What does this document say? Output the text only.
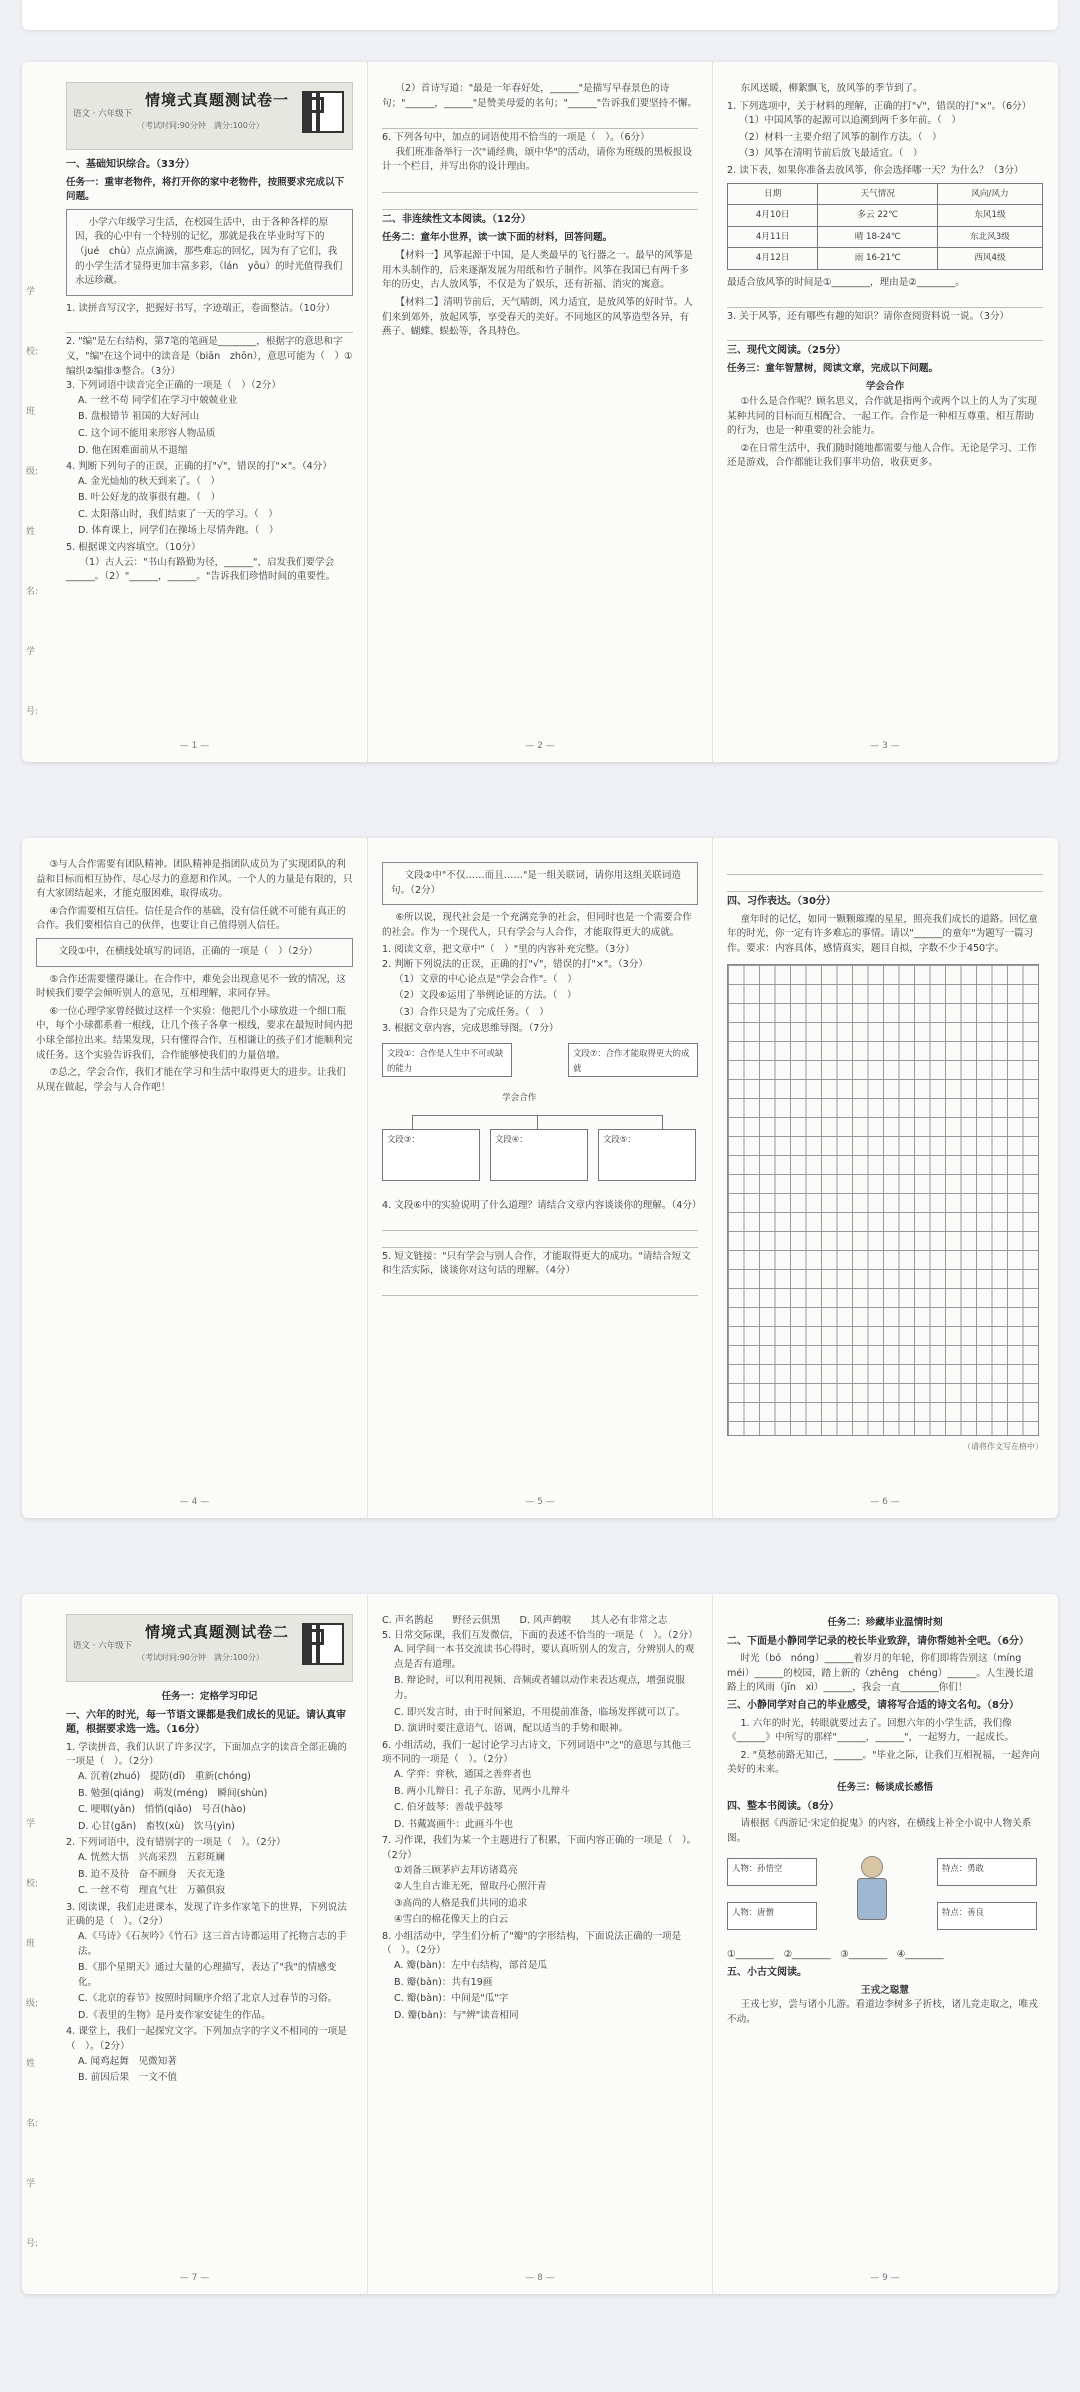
学校:
班级:
姓名:
学号:
语文 · 六年级下
情境式真题测试卷一
（考试时间:90分钟　满分:100分）
一、基础知识综合。（33分）
任务一：重审老物件，将打开你的家中老物件，按照要求完成以下问题。
小学六年级学习生活，在校园生活中，由于各种各样的原因，我的心中有一个特别的记忆，那就是我在毕业时写下的（jué　chù）点点滴滴，那些难忘的回忆，因为有了它们，我的小学生活才显得更加丰富多彩，（lán　yōu）的时光值得我们永远珍藏。
1. 读拼音写汉字，把握好书写，字迹端正，卷面整洁。（10分）
2. "编"是左右结构，第7笔的笔画是________，根据字的意思和字义，"编"在这个词中的读音是（biān　zhōn），意思可能为（　）①编织②编排③整合。（3分）
3. 下列词语中读音完全正确的一项是（　）（2分）
A. 一丝不苟 同学们在学习中兢兢业业
B. 盘根错节 祖国的大好河山
C. 这个词不能用来形容人物品质
D. 他在困难面前从不退缩
4. 判断下列句子的正误，正确的打"√"，错误的打"×"。（4分）
A. 金光灿灿的秋天到来了。（　）
B. 叶公好龙的故事很有趣。（　）
C. 太阳落山时，我们结束了一天的学习。（　）
D. 体育课上，同学们在操场上尽情奔跑。（　）
5. 根据课文内容填空。（10分）
（1）古人云："书山有路勤为径，______"，启发我们要学会______。（2）"______，______。"告诉我们珍惜时间的重要性。
— 1 —
（2）首诗写道："最是一年春好处，______"是描写早春景色的诗句；"______，______"是赞美母爱的名句；"______"告诉我们要坚持不懈。
6. 下列各句中，加点的词语使用不恰当的一项是（　）。（6分）
我们班准备举行一次"诵经典，颂中华"的活动，请你为班级的黑板报设计一个栏目，并写出你的设计理由。
二、非连续性文本阅读。（12分）
任务二：童年小世界，读一读下面的材料，回答问题。
【材料一】风筝起源于中国，是人类最早的飞行器之一。最早的风筝是用木头制作的，后来逐渐发展为用纸和竹子制作。风筝在我国已有两千多年的历史，古人放风筝，不仅是为了娱乐，还有祈福、消灾的寓意。
【材料二】清明节前后，天气晴朗，风力适宜，是放风筝的好时节。人们来到郊外，放起风筝，享受春天的美好。不同地区的风筝造型各异，有燕子、蝴蝶、蜈蚣等，各具特色。
— 2 —
东风送暖，柳絮飘飞，放风筝的季节到了。
1. 下列选项中，关于材料的理解，正确的打"√"，错误的打"×"。（6分）
（1）中国风筝的起源可以追溯到两千多年前。（　）
（2）材料一主要介绍了风筝的制作方法。（　）
（3）风筝在清明节前后放飞最适宜。（　）
2. 读下表，如果你准备去放风筝，你会选择哪一天？为什么？（3分）
日期	天气情况	风向/风力
4月10日	多云 22℃	东风1级
4月11日	晴 18-24℃	东北风3级
4月12日	雨 16-21℃	西风4级
最适合放风筝的时间是①________，理由是②________。
3. 关于风筝，还有哪些有趣的知识？请你查阅资料说一说。（3分）
三、现代文阅读。（25分）
任务三：童年智慧树，阅读文章，完成以下问题。
学会合作
①什么是合作呢？顾名思义，合作就是指两个或两个以上的人为了实现某种共同的目标而互相配合、一起工作。合作是一种相互尊重、相互帮助的行为，也是一种重要的社会能力。
②在日常生活中，我们随时随地都需要与他人合作。无论是学习、工作还是游戏，合作都能让我们事半功倍，收获更多。
— 3 —
③与人合作需要有团队精神。团队精神是指团队成员为了实现团队的利益和目标而相互协作、尽心尽力的意愿和作风。一个人的力量是有限的，只有大家团结起来，才能克服困难，取得成功。
④合作需要相互信任。信任是合作的基础，没有信任就不可能有真正的合作。我们要相信自己的伙伴，也要让自己值得别人信任。
文段①中，在横线处填写的词语，正确的一项是（　）（2分）
⑤合作还需要懂得谦让。在合作中，难免会出现意见不一致的情况，这时候我们要学会倾听别人的意见，互相理解，求同存异。
⑥一位心理学家曾经做过这样一个实验：他把几个小球放进一个细口瓶中，每个小球都系着一根线，让几个孩子各拿一根线，要求在最短时间内把小球全部拉出来。结果发现，只有懂得合作、互相谦让的孩子们才能顺利完成任务。这个实验告诉我们，合作能够使我们的力量倍增。
⑦总之，学会合作，我们才能在学习和生活中取得更大的进步。让我们从现在做起，学会与人合作吧！
— 4 —
文段②中"不仅……而且……"是一组关联词，请你用这组关联词造句。（2分）
⑥所以说，现代社会是一个充满竞争的社会，但同时也是一个需要合作的社会。作为一个现代人，只有学会与人合作，才能取得更大的成就。
1. 阅读文章，把文章中"（　）"里的内容补充完整。（3分）
2. 判断下列说法的正误，正确的打"√"，错误的打"×"。（3分）
（1）文章的中心论点是"学会合作"。（　）
（2）文段⑥运用了举例论证的方法。（　）
（3）合作只是为了完成任务。（　）
3. 根据文章内容，完成思维导图。（7分）
文段①：合作是人生中不可或缺的能力
文段⑦：合作才能取得更大的成就
学会合作
文段③：	文段④：	文段⑤：
4. 文段⑥中的实验说明了什么道理？请结合文章内容谈谈你的理解。（4分）
5. 短文链接："只有学会与别人合作，才能取得更大的成功。"请结合短文和生活实际，谈谈你对这句话的理解。（4分）
— 5 —
四、习作表达。（30分）
童年时的记忆，如同一颗颗璀璨的星星，照亮我们成长的道路。回忆童年的时光，你一定有许多难忘的事情。请以"______的童年"为题写一篇习作。要求：内容具体，感情真实，题目自拟，字数不少于450字。
（请将作文写在格中）
— 6 —
学校:
班级:
姓名:
学号:
语文 · 六年级下
情境式真题测试卷二
（考试时间:90分钟　满分:100分）
任务一：定格学习印记
一、六年的时光，每一节语文课都是我们成长的见证。请认真审题，根据要求选一选。（16分）
1. 学读拼音，我们认识了许多汉字，下面加点字的读音全部正确的一项是（　）。（2分）
A. 沉着(zhuó)　提防(dī)　重新(chóng)
B. 勉强(qiáng)　萌发(méng)　瞬间(shùn)
C. 哽咽(yān)　悄悄(qiǎo)　号召(hào)
D. 心甘(gān)　畜牧(xù)　饮马(yìn)
2. 下列词语中，没有错别字的一项是（　）。（2分）
A. 恍然大悟　兴高采烈　五彩斑斓
B. 迫不及待　奋不顾身　天衣无逢
C. 一丝不苟　理直气壮　万籁俱寂
3. 阅读课，我们走进课本，发现了许多作家笔下的世界，下列说法正确的是（　）。（2分）
A.《马诗》《石灰吟》《竹石》这三首古诗都运用了托物言志的手法。
B.《那个星期天》通过大量的心理描写，表达了"我"的情感变化。
C.《北京的春节》按照时间顺序介绍了北京人过春节的习俗。
D.《表里的生物》是丹麦作家安徒生的作品。
4. 课堂上，我们一起探究文字。下列加点字的字义不相同的一项是（　）。（2分）
A. 闻鸡起舞　见微知著
B. 前因后果　一文不值
— 7 —
C. 声名鹊起　　野径云俱黑　　D. 风声鹤唳　　其人必有非常之志
5. 日常交际课，我们互发微信，下面的表述不恰当的一项是（　）。（2分）
A. 同学间一本书交流读书心得时，要认真听别人的发言，分辨别人的观点是否有道理。
B. 辩论时，可以利用视频、音频或者辅以动作来表达观点，增强说服力。
C. 即兴发言时，由于时间紧迫，不用提前准备，临场发挥就可以了。
D. 演讲时要注意语气、语调，配以适当的手势和眼神。
6. 小组活动，我们一起讨论学习古诗文，下列词语中"之"的意思与其他三项不同的一项是（　）。（2分）
A. 学弈：弈秋，通国之善弈者也
B. 两小儿辩日：孔子东游，见两小儿辩斗
C. 伯牙鼓琴：善哉乎鼓琴
D. 书戴嵩画牛：此画斗牛也
7. 习作课，我们为某一个主题进行了积累，下面内容正确的一项是（　）。（2分）
①刘备三顾茅庐去拜访诸葛亮
②人生自古谁无死，留取丹心照汗青
③高尚的人格是我们共同的追求
④雪白的棉花像天上的白云
8. 小组活动中，学生们分析了"瓣"的字形结构，下面说法正确的一项是（　）。（2分）
A. 瓣(bàn)：左中右结构，部首是瓜
B. 瓣(bàn)：共有19画
C. 瓣(bàn)：中间是"瓜"字
D. 瓣(bàn)：与"辨"读音相同
— 8 —
任务二：珍藏毕业温情时刻
二、下面是小静同学记录的校长毕业致辞，请你帮她补全吧。（6分）
时光（bó　nóng）______着岁月的年轮，你们即将告别这（míng　méi）______的校园，踏上新的（zhēng　chéng）______。人生漫长道路上的风雨（jīn　xì）______，我会一直________你们！
三、小静同学对自己的毕业感受，请将写合适的诗文名句。（8分）
1. 六年的时光，转眼就要过去了。回想六年的小学生活，我们像《______》中所写的那样"______，______"，一起努力，一起成长。
2. "莫愁前路无知己，______。"毕业之际，让我们互相祝福，一起奔向美好的未来。
任务三：畅谈成长感悟
四、整本书阅读。（8分）
请根据《西游记·宋定伯捉鬼》的内容，在横线上补全小说中人物关系图。
人物：孙悟空
人物：唐僧
特点：勇敢
特点：善良
①________　②________　③________　④________
五、小古文阅读。
王戎之聪慧
王戎七岁，尝与诸小儿游。看道边李树多子折枝，诸儿竞走取之，唯戎不动。
— 9 —
